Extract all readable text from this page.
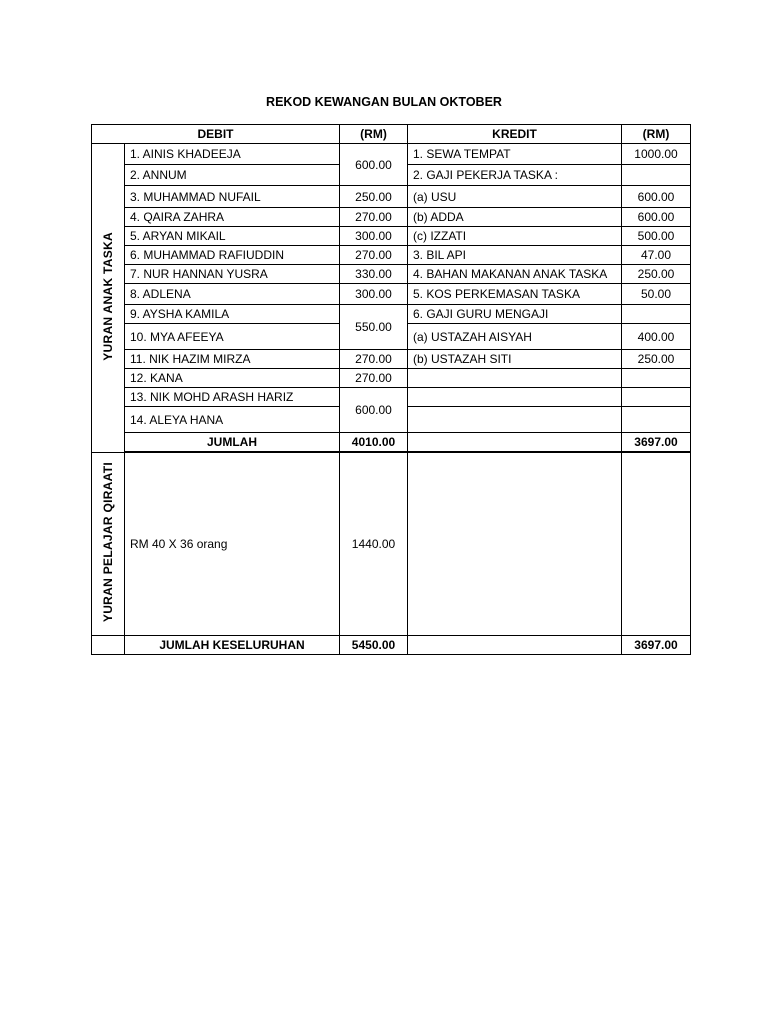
REKOD KEWANGAN BULAN OKTOBER
DEBIT		(RM)	KREDIT	(RM)
YURAN ANAK TASKA	1. AINIS KHADEEJA	600.00	1. SEWA TEMPAT	1000.00
	2. ANNUM		2. GAJI PEKERJA TASKA :	
	3. MUHAMMAD NUFAIL	250.00	(a) USU	600.00
	4. QAIRA ZAHRA	270.00	(b) ADDA	600.00
	5. ARYAN MIKAIL	300.00	(c) IZZATI	500.00
	6. MUHAMMAD RAFIUDDIN	270.00	3. BIL API	47.00
	7. NUR HANNAN YUSRA	330.00	4. BAHAN MAKANAN ANAK TASKA	250.00
	8. ADLENA	300.00	5. KOS PERKEMASAN TASKA	50.00
	9. AYSHA KAMILA	550.00	6. GAJI GURU MENGAJI	
	10. MYA AFEEYA		(a) USTAZAH AISYAH	400.00
	11. NIK HAZIM MIRZA	270.00	(b) USTAZAH SITI	250.00
	12. KANA	270.00		
	13. NIK MOHD ARASH HARIZ	600.00		
	14. ALEYA HANA			
	JUMLAH	4010.00		3697.00

YURAN PELAJAR QIRAATI	RM 40 X 36 orang	1440.00		
	JUMLAH KESELURUHAN	5450.00		3697.00
